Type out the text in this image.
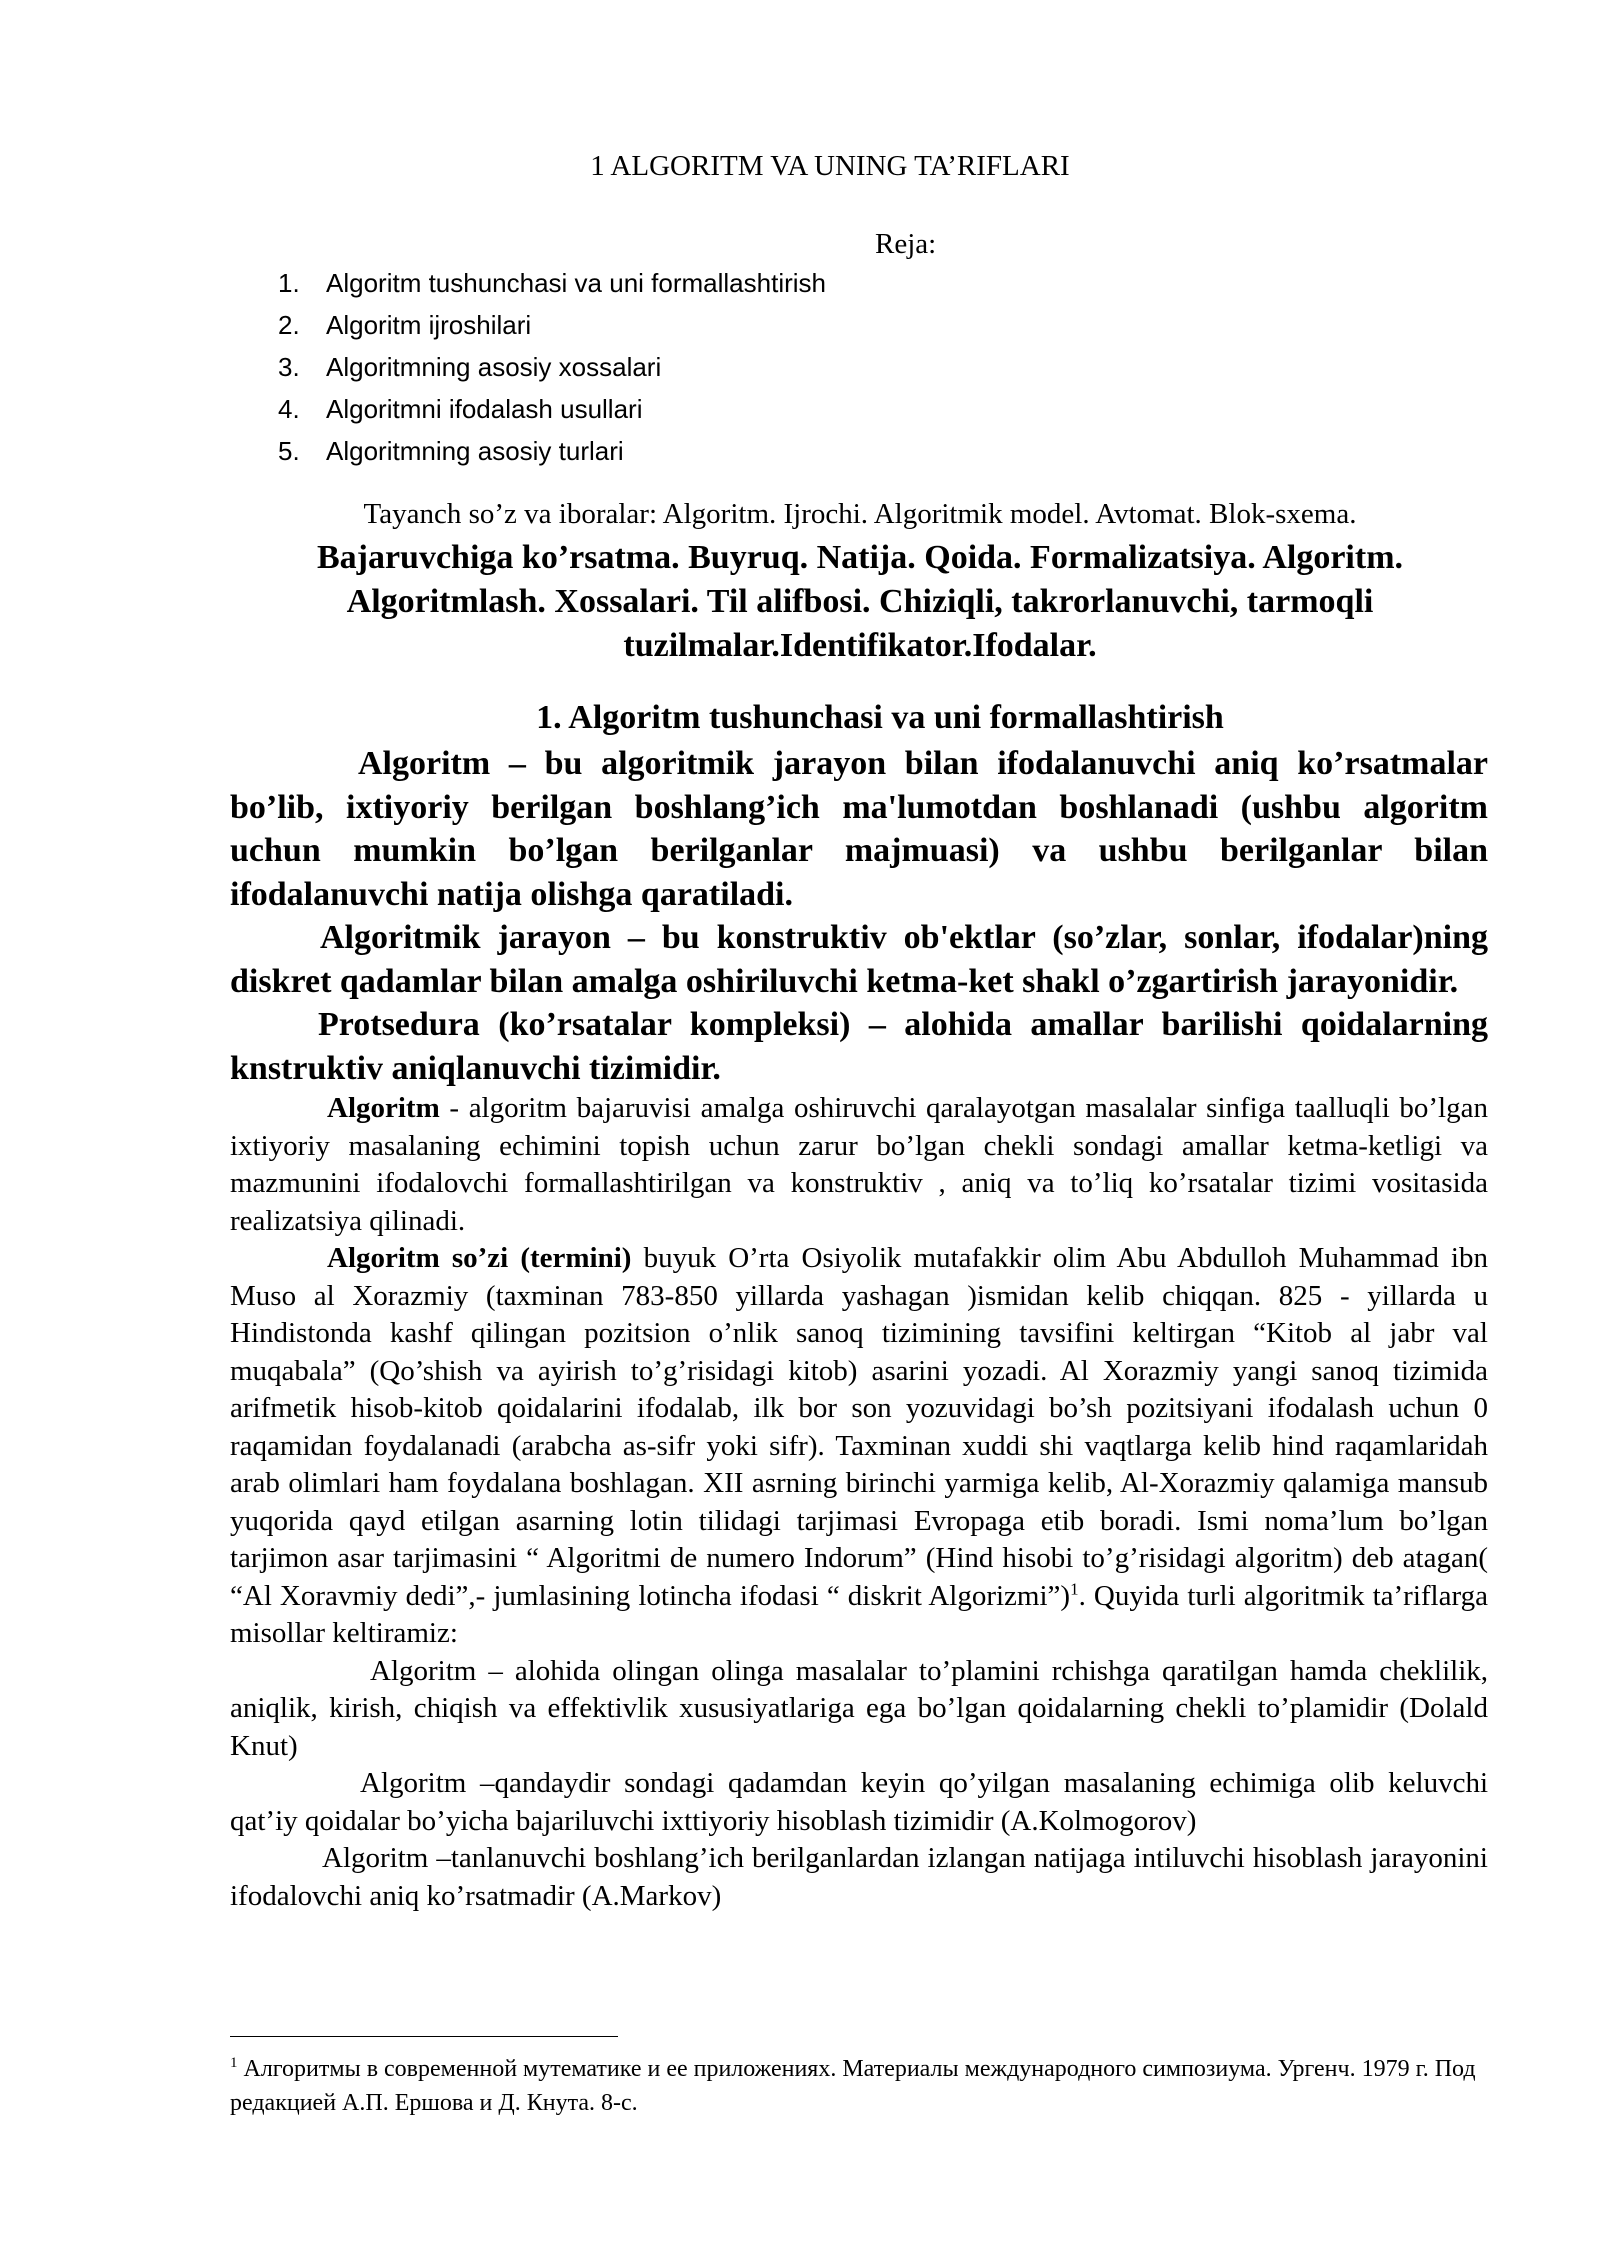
1 ALGORITM VA UNING TA’RIFLARI
Reja:
1. Algoritm tushunchasi va uni formallashtirish
2. Algoritm ijroshilari
3. Algoritmning asosiy xossalari
4. Algoritmni ifodalash usullari
5. Algoritmning asosiy turlari
Tayanch so’z va iboralar: Algoritm. Ijrochi. Algoritmik model. Avtomat. Blok-sxema.
Bajaruvchiga ko’rsatma. Buyruq. Natija. Qoida. Formalizatsiya. Algoritm. Algoritmlash. Xossalari. Til alifbosi. Chiziqli, takrorlanuvchi, tarmoqli tuzilmalar.Identifikator.Ifodalar.
1. Algoritm tushunchasi va uni formallashtirish

Algoritm – bu algoritmik jarayon bilan ifodalanuvchi aniq ko’rsatmalar bo’lib, ixtiyoriy berilgan boshlang’ich ma'lumotdan boshlanadi (ushbu algoritm uchun mumkin bo’lgan berilganlar majmuasi) va ushbu berilganlar bilan ifodalanuvchi natija olishga qaratiladi.

Algoritmik jarayon – bu konstruktiv ob'ektlar (so’zlar, sonlar, ifodalar)ning diskret qadamlar bilan amalga oshiriluvchi ketma-ket shakl o’zgartirish jarayonidir.

Protsedura (ko’rsatalar kompleksi) – alohida amallar barilishi qoidalarning knstruktiv aniqlanuvchi tizimidir.

Algoritm - algoritm bajaruvisi amalga oshiruvchi qaralayotgan masalalar sinfiga taalluqli bo’lgan ixtiyoriy masalaning echimini topish uchun zarur bo’lgan chekli sondagi amallar ketma-ketligi va mazmunini ifodalovchi formallashtirilgan va konstruktiv , aniq va to’liq ko’rsatalar tizimi vositasida realizatsiya qilinadi.

Algoritm so’zi (termini) buyuk O’rta Osiyolik mutafakkir olim Abu Abdulloh Muhammad ibn Muso al Xorazmiy (taxminan 783-850 yillarda yashagan )ismidan kelib chiqqan. 825 - yillarda u Hindistonda kashf qilingan pozitsion o’nlik sanoq tizimining tavsifini keltirgan “Kitob al jabr val muqabala” (Qo’shish va ayirish to’g’risidagi kitob) asarini yozadi. Al Xorazmiy yangi sanoq tizimida arifmetik hisob-kitob qoidalarini ifodalab, ilk bor son yozuvidagi bo’sh pozitsiyani ifodalash uchun 0 raqamidan foydalanadi (arabcha as-sifr yoki sifr). Taxminan xuddi shi vaqtlarga kelib hind raqamlaridah arab olimlari ham foydalana boshlagan. XII asrning birinchi yarmiga kelib, Al-Xorazmiy qalamiga mansub yuqorida qayd etilgan asarning lotin tilidagi tarjimasi Evropaga etib boradi. Ismi noma’lum bo’lgan tarjimon asar tarjimasini “ Algoritmi de numero Indorum” (Hind hisobi to’g’risidagi algoritm) deb atagan( “Al Xoravmiy dedi”,- jumlasining lotincha ifodasi “ diskrit Algorizmi”)$^1$. Quyida turli algoritmik ta’riflarga misollar keltiramiz:

Algoritm – alohida olingan olinga masalalar to’plamini rchishga qaratilgan hamda cheklilik, aniqlik, kirish, chiqish va effektivlik xususiyatlariga ega bo’lgan qoidalarning chekli to’plamidir (Dolald Knut)

Algoritm –qandaydir sondagi qadamdan keyin qo’yilgan masalaning echimiga olib keluvchi qat’iy qoidalar bo’yicha bajariluvchi ixttiyoriy hisoblash tizimidir (A.Kolmogorov)

Algoritm –tanlanuvchi boshlang’ich berilganlardan izlangan natijaga intiluvchi hisoblash jarayonini ifodalovchi aniq ko’rsatmadir (A.Markov)

$^1$ Алгоритмы в современной мутематике и ее приложениях. Материалы международного симпозиума. Ургенч. 1979 г. Под редакцией А.П. Ершова и Д. Кнута. 8-с.
